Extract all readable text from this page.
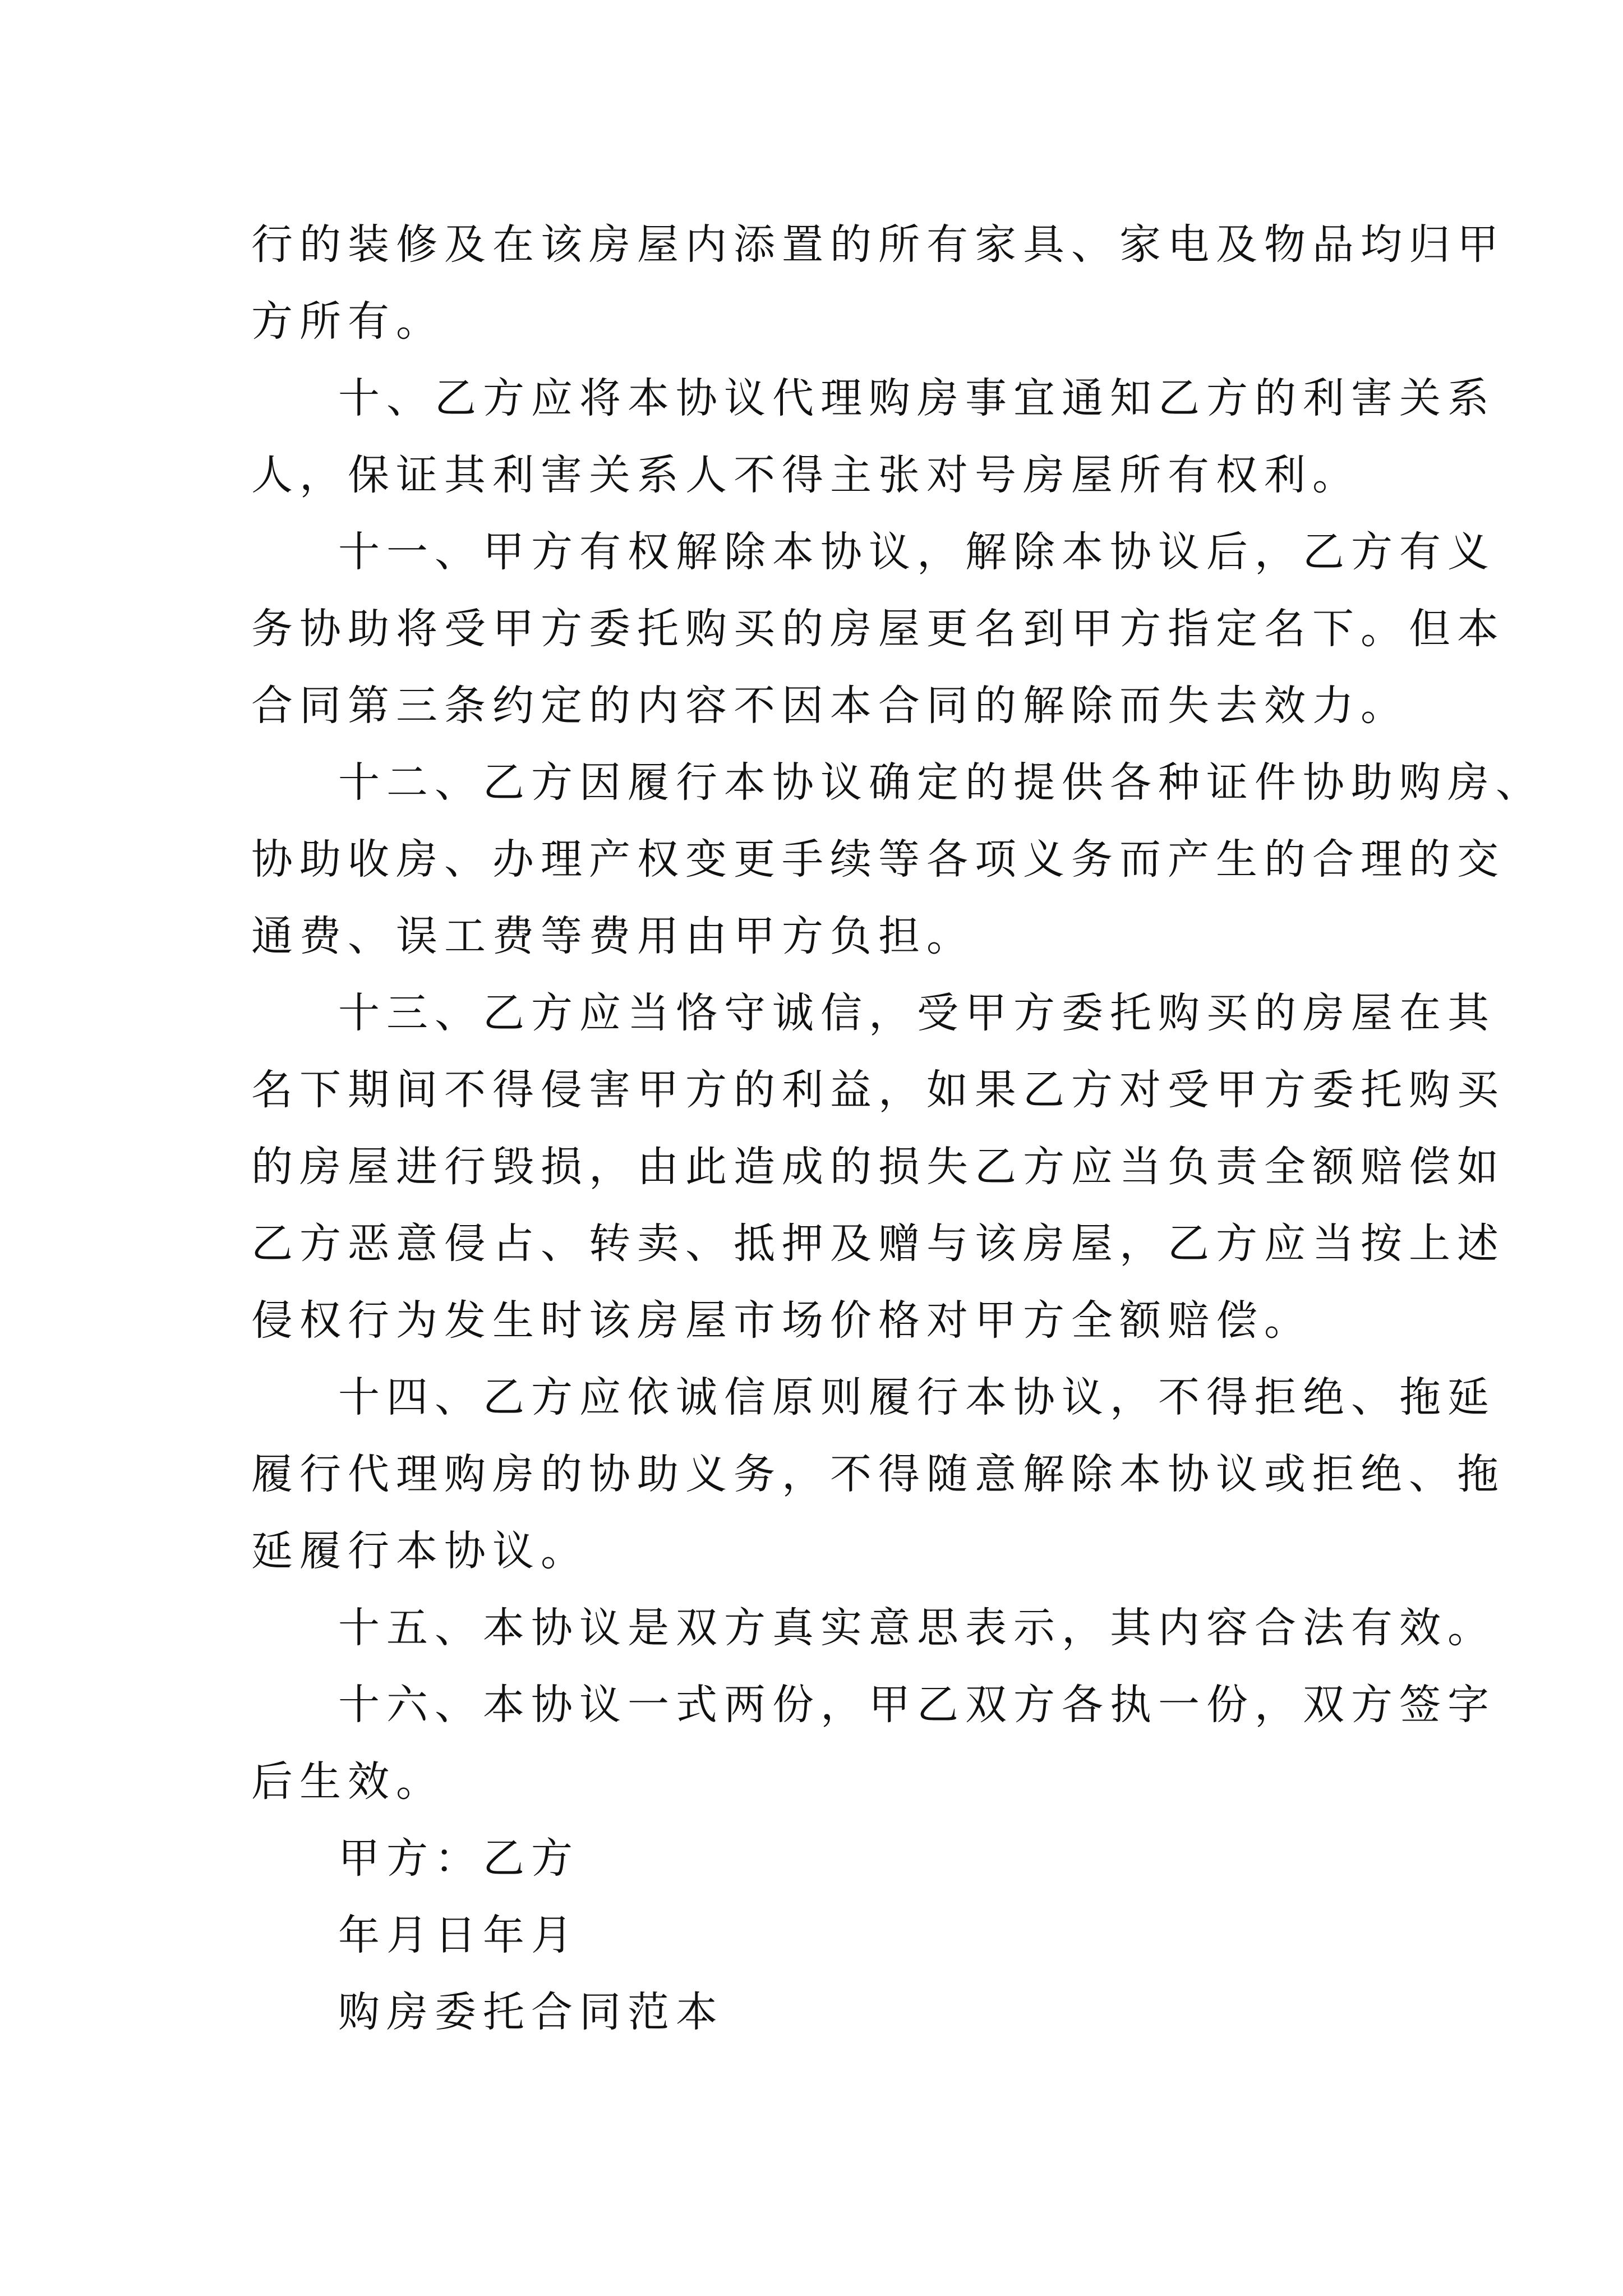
行的装修及在该房屋内添置的所有家具、家电及物品均归甲
方所有。
十、乙方应将本协议代理购房事宜通知乙方的利害关系
人，保证其利害关系人不得主张对号房屋所有权利。
十一、甲方有权解除本协议，解除本协议后，乙方有义
务协助将受甲方委托购买的房屋更名到甲方指定名下。但本
合同第三条约定的内容不因本合同的解除而失去效力。
十二、乙方因履行本协议确定的提供各种证件协助购房、
协助收房、办理产权变更手续等各项义务而产生的合理的交
通费、误工费等费用由甲方负担。
十三、乙方应当恪守诚信，受甲方委托购买的房屋在其
名下期间不得侵害甲方的利益，如果乙方对受甲方委托购买
的房屋进行毁损，由此造成的损失乙方应当负责全额赔偿如
乙方恶意侵占、转卖、抵押及赠与该房屋，乙方应当按上述
侵权行为发生时该房屋市场价格对甲方全额赔偿。
十四、乙方应依诚信原则履行本协议，不得拒绝、拖延
履行代理购房的协助义务，不得随意解除本协议或拒绝、拖
延履行本协议。
十五、本协议是双方真实意思表示，其内容合法有效。
十六、本协议一式两份，甲乙双方各执一份，双方签字
后生效。
甲方：乙方
年月日年月
购房委托合同范本
